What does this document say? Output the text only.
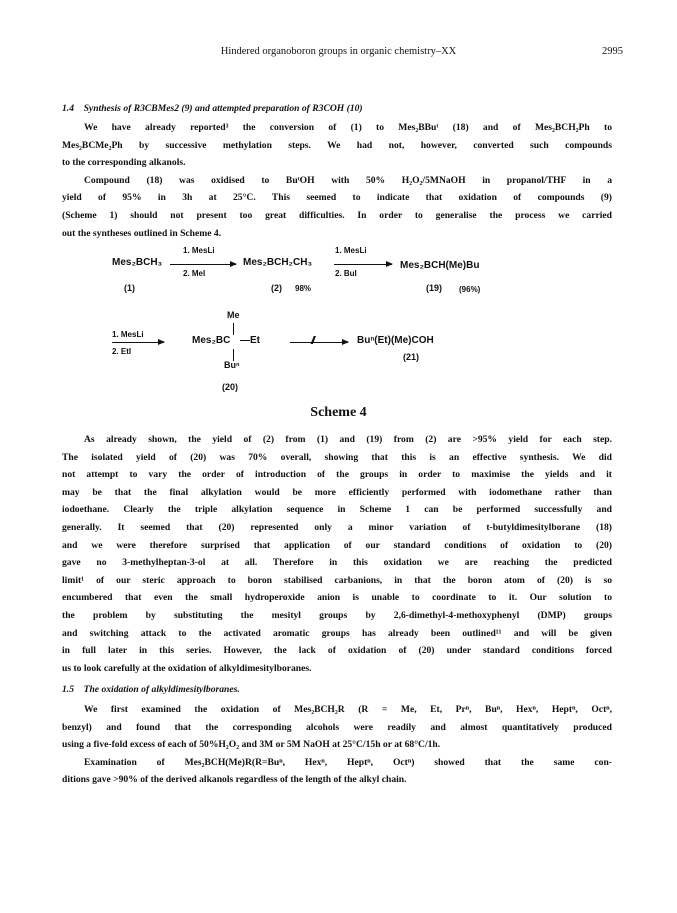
Hindered organoboron groups in organic chemistry–XX	2995
1.4 Synthesis of R3CBMes2 (9) and attempted preparation of R3COH (10)
We have already reported³ the conversion of (1) to Mes₂BBuᵗ (18) and of Mes₂BCH₂Ph to
Mes₂BCMe₂Ph by successive methylation steps. We had not, however, converted such compounds
to the corresponding alkanols.
Compound (18) was oxidised to BuᵗOH with 50% H₂O₂/5MNaOH in propanol/THF in a
yield of 95% in 3h at 25°C. This seemed to indicate that oxidation of compounds (9)
(Scheme 1) should not present too great difficulties. In order to generalise the process we carried
out the syntheses outlined in Scheme 4.
Mes₂BCH₃
1. MesLi
2. MeI
Mes₂BCH₂CH₃
1. MesLi
2. BuI
Mes₂BCH(Me)Bu
(1)	(2) 98%	(19) (96%)
1. MesLi
2. EtI
Me
Mes₂BC —Et
Buⁿ
(20)
//	Buⁿ(Et)(Me)COH
(21)
Scheme 4
As already shown, the yield of (2) from (1) and (19) from (2) are >95% yield for each step.
The isolated yield of (20) was 70% overall, showing that this is an effective synthesis. We did
not attempt to vary the order of introduction of the groups in order to maximise the yields and it
may be that the final alkylation would be more efficiently performed with iodomethane rather than
iodoethane. Clearly the triple alkylation sequence in Scheme 1 can be performed successfully and
generally. It seemed that (20) represented only a minor variation of t-butyldimesitylborane (18)
and we were therefore surprised that application of our standard conditions of oxidation to (20)
gave no 3-methylheptan-3-ol at all. Therefore in this oxidation we are reaching the predicted
limit¹ of our steric approach to boron stabilised carbanions, in that the boron atom of (20) is so
encumbered that even the small hydroperoxide anion is unable to coordinate to it. Our solution to
the problem by substituting the mesityl groups by 2,6-dimethyl-4-methoxyphenyl (DMP) groups
and switching attack to the activated aromatic groups has already been outlined¹¹ and will be given
in full later in this series. However, the lack of oxidation of (20) under standard conditions forced
us to look carefully at the oxidation of alkyldimesitylboranes.
1.5 The oxidation of alkyldimesitylboranes.
We first examined the oxidation of Mes₂BCH₂R (R = Me, Et, Prⁿ, Buⁿ, Hexⁿ, Heptⁿ, Octⁿ,
benzyl) and found that the corresponding alcohols were readily and almost quantitatively produced
using a five-fold excess of each of 50%H₂O₂ and 3M or 5M NaOH at 25°C/15h or at 68°C/1h.
Examination of Mes₂BCH(Me)R(R=Buⁿ, Hexⁿ, Heptⁿ, Octⁿ) showed that the same con-
ditions gave >90% of the derived alkanols regardless of the length of the alkyl chain.
